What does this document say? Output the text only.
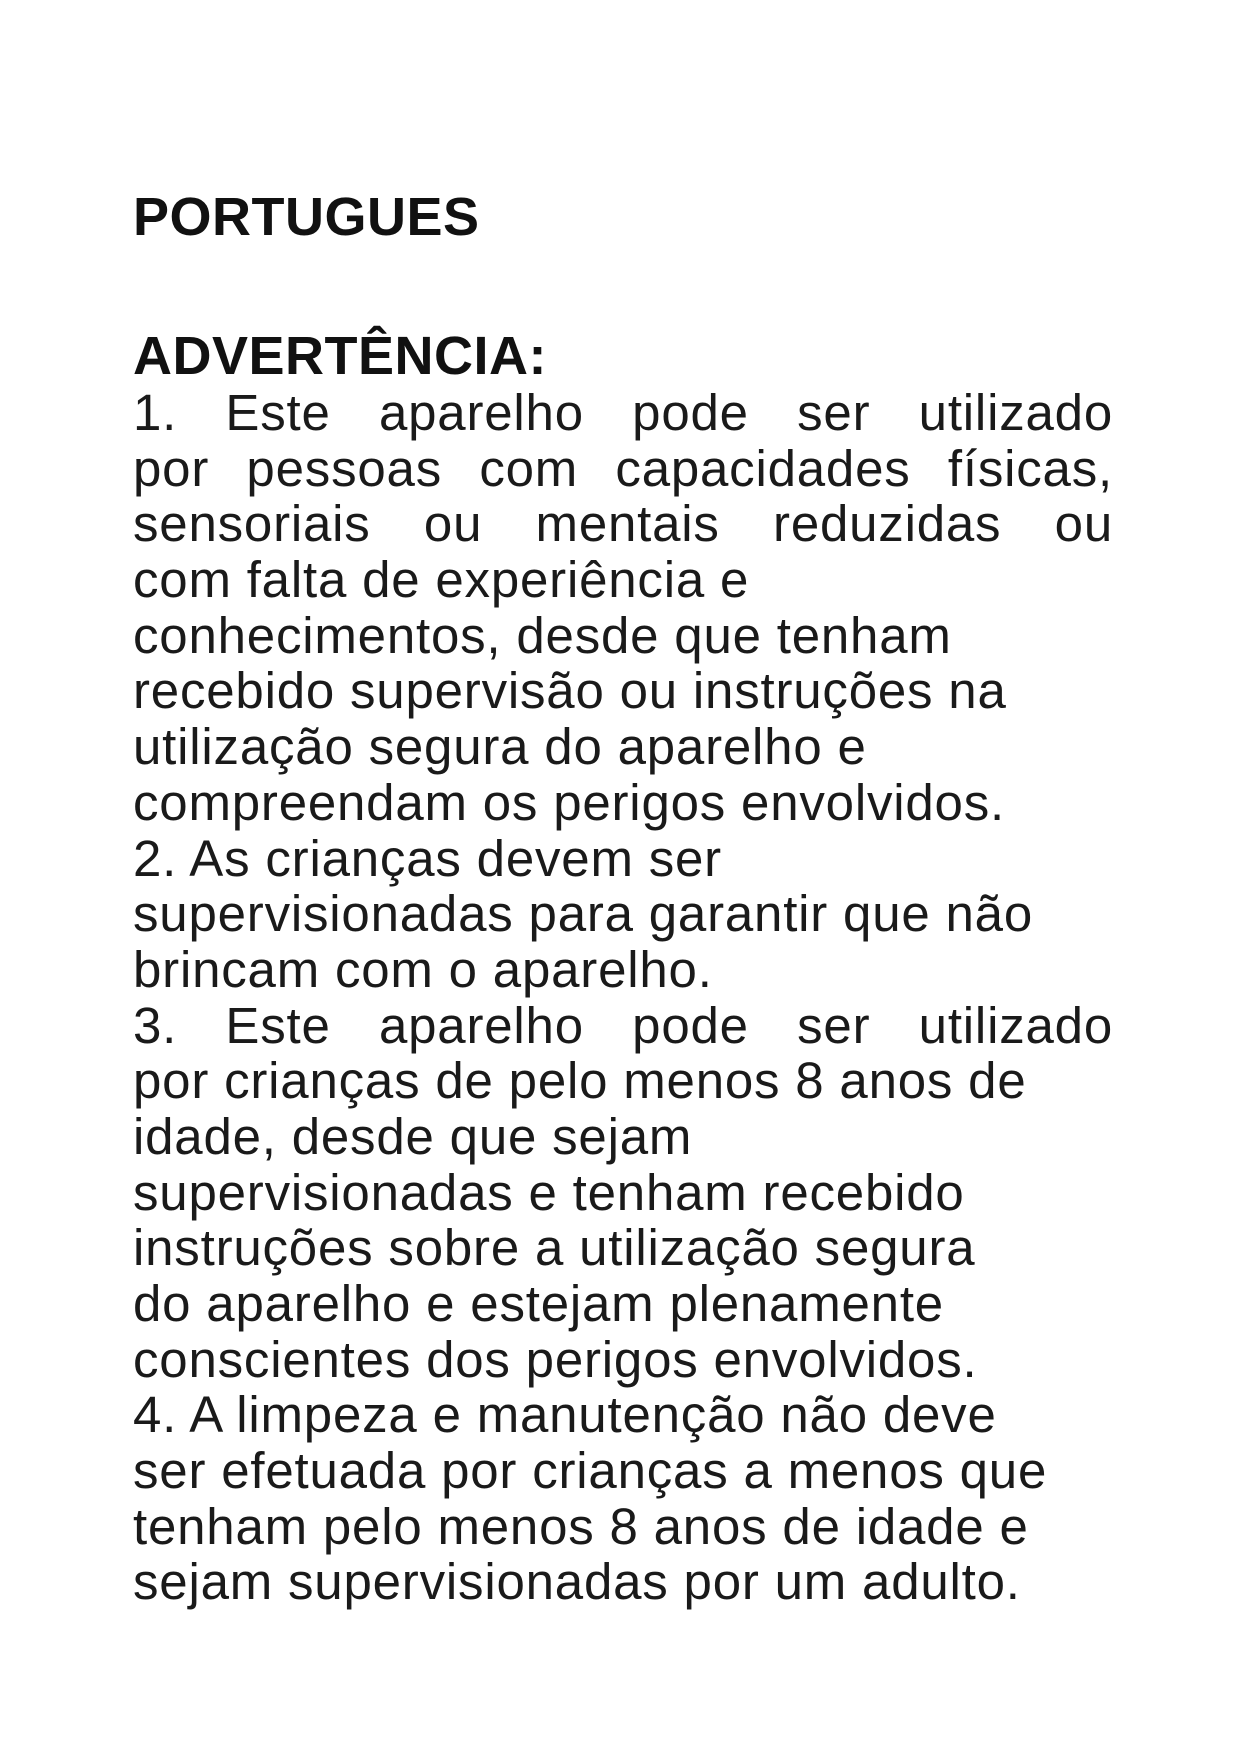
PORTUGUES
ADVERTÊNCIA:
1. Este aparelho pode ser utilizado
por pessoas com capacidades físicas,
sensoriais ou mentais reduzidas ou
com falta de experiência e
conhecimentos, desde que tenham
recebido supervisão ou instruções na
utilização segura do aparelho e
compreendam os perigos envolvidos.
2. As crianças devem ser
supervisionadas para garantir que não
brincam com o aparelho.
3. Este aparelho pode ser utilizado
por crianças de pelo menos 8 anos de
idade, desde que sejam
supervisionadas e tenham recebido
instruções sobre a utilização segura
do aparelho e estejam plenamente
conscientes dos perigos envolvidos.
4. A limpeza e manutenção não deve
ser efetuada por crianças a menos que
tenham pelo menos 8 anos de idade e
sejam supervisionadas por um adulto.
